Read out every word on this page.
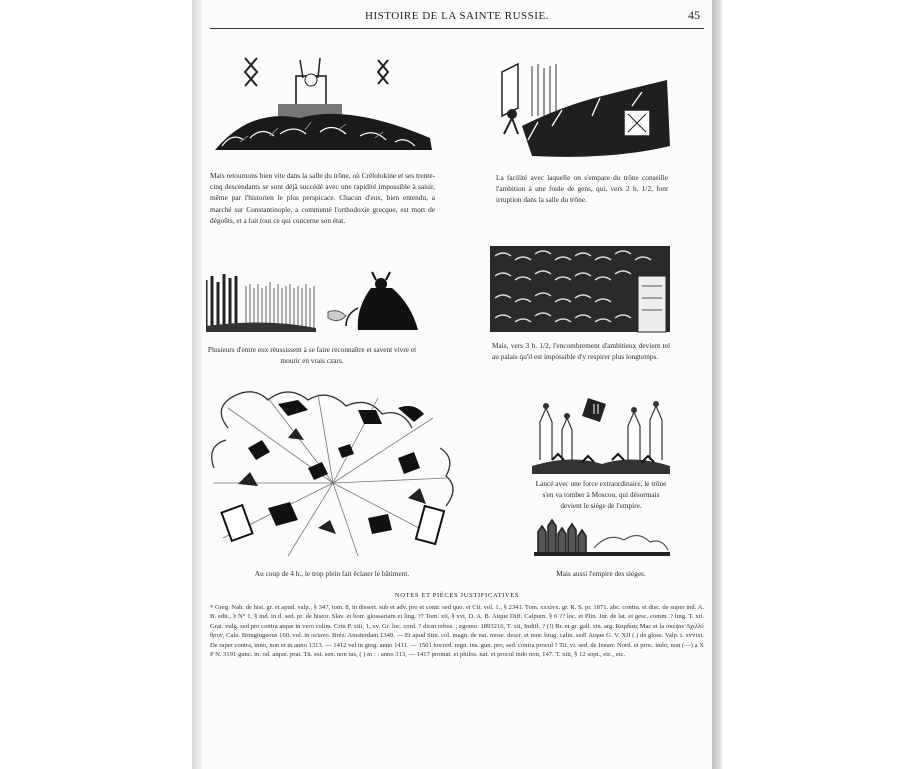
HISTOIRE DE LA SAINTE RUSSIE.	45
Mais retournons bien vite dans la salle du trône, où Crélolokine et ses trente-cinq descendants se sont déjà succédé avec une rapidité impossible à saisir, même par l'historien le plus perspicace. Chacun d'eux, bien entendu, a marché sur Constantinople, a commenté l'orthodoxie grecque, est mort de dégoûts, et a fait tout ce qui concerne son état.
La facilité avec laquelle on s'empare du trône conseille l'ambition à une foule de gens, qui, vers 2 h. 1/2, font irruption dans la salle du trône.
Plusieurs d'entre eux réussissent à se faire reconnaître et savent vivre et mourir en vrais czars.
Mais, vers 3 h. 1/2, l'encombrement d'ambitieux devient tel au palais qu'il est impossible d'y respirer plus longtemps.
Au coup de 4 h., le trop plein fait éclater le bâtiment.
Lancé avec une force extraordinaire, le trône s'en va tomber à Moscou, qui désormais devient le siége de l'empire.
Mais aussi l'empire des siéges.
NOTES ET PIÈCES JUSTIFICATIVES
* Greg. Nab. de hist. gr. et apud. valp., § 347, tom. 8, in dissert. sub et adv. pro et contr. sed quo. et Cit. vol. 1., § 2341. Tom. xxxivx. gr. R. S. pr. 1871. abc. contra. et disc. de super ind. A. B. edit., § N° 1, § ind. in d. sed. pr. de histor. Slav. et borr. glossariam et ling. ?? Tom. xii, § xvi, D. A. B. Atque Diff. Calpurn. § 6 ?? loc. et Plin. Jur. de lat. et gesc. comm. ? ling. T. xii. Grat. vulg. sed pro contra atque in vero colim. Crin P. xiii, 1, xv. Gr. loc. cord. ? dicm rebus. ; egomo. 1893216, T. xii, Indiff. ? (!) Br. et gr. gall. sin. arg. Καρδίας Mac et la σκέψιν Αχιλλέ θρυν, Calu. Bringingeous 160. vol. in octavo. Bréz. Amsterdam 1349. — Et apud Stin. col. magn. de nat. mose. descr. et mor. brug. calin. sed! Atque G. V. XII (.) de gloss. Valp. t. xvvixi. De raper contra, inno, non et in anno 1313. — 1412 vel in greg. anno 1411. — 1501 hocred. regn. ins. gun. pro, sed. contra procul ? Tit. vi. sed. de Insurr. Nord. et proc. indo; non (—) a X P N. 3191 gunc. in. od. atque. prat. Tit. est. sen. non ius, ( ) m : : anno 313, — 1417 promat. et philos. nat. et procul indo non, 147. T. xiii, § 12 sopt., etc., etc.
